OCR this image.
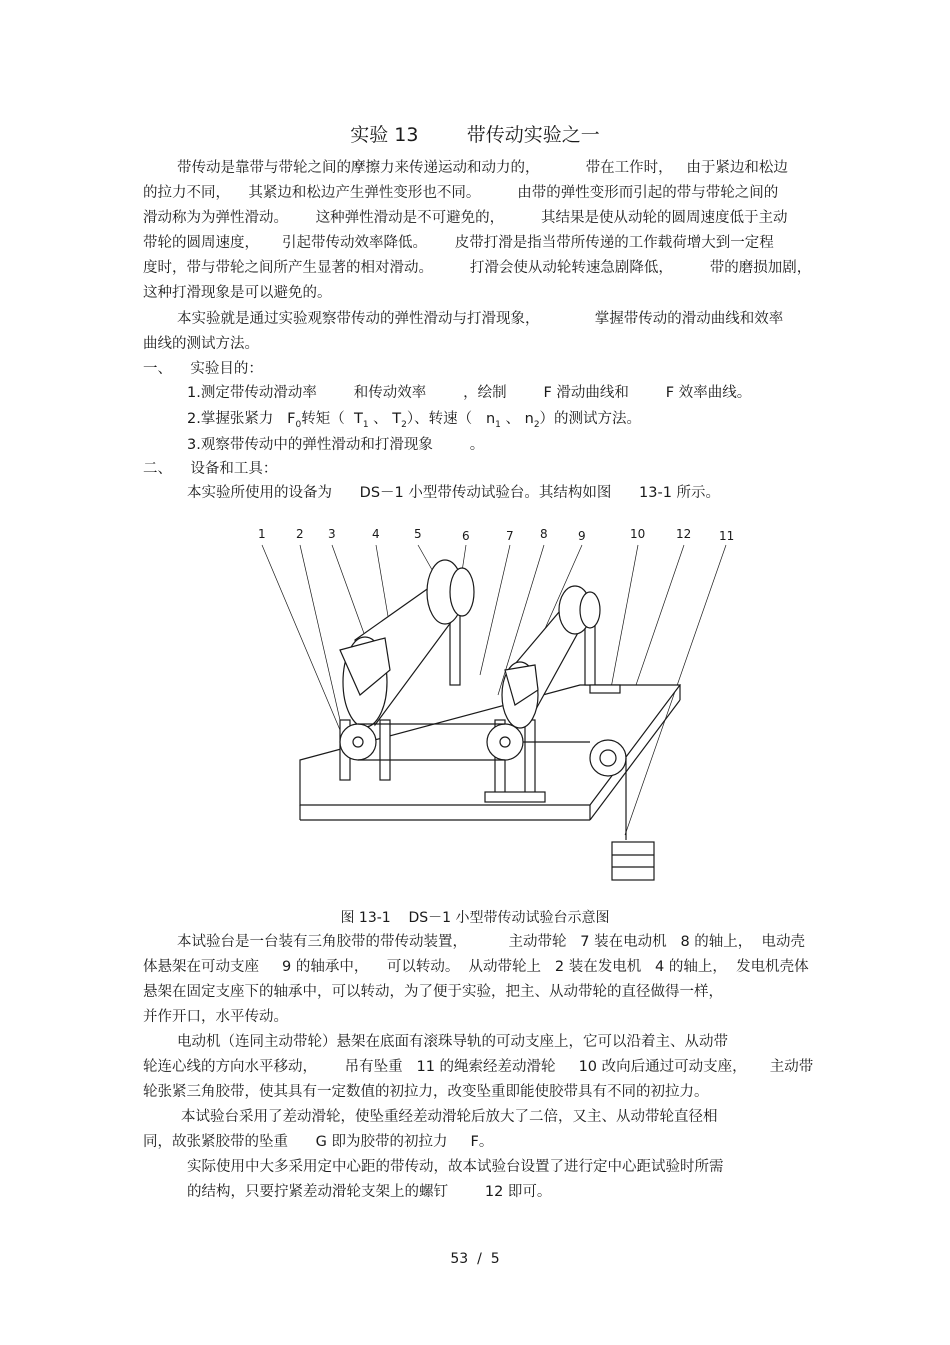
实验 13        带传动实验之一
带传动是靠带与带轮之间的摩擦力来传递运动和动力的，          带在工作时，   由于紧边和松边
的拉力不同，    其紧边和松边产生弹性变形也不同。        由带的弹性变形而引起的带与带轮之间的
滑动称为为弹性滑动。      这种弹性滑动是不可避免的，        其结果是使从动轮的圆周速度低于主动
带轮的圆周速度，     引起带传动效率降低。      皮带打滑是指当带所传递的工作载荷增大到一定程
度时，带与带轮之间所产生显著的相对滑动。        打滑会使从动轮转速急剧降低，        带的磨损加剧，
这种打滑现象是可以避免的。
本实验就是通过实验观察带传动的弹性滑动与打滑现象，            掌握带传动的滑动曲线和效率
曲线的测试方法。
一、    实验目的：
1.测定带传动滑动率        和传动效率        ，绘制        F 滑动曲线和        F 效率曲线。
2.掌握张紧力   $F_0$转矩（  $T_1$ 、 $T_2$）、转速（   $n_1$ 、 $n_2$）的测试方法。
3.观察带传动中的弹性滑动和打滑现象        。
二、    设备和工具：
本实验所使用的设备为      DS－1 小型带传动试验台。其结构如图      13-1 所示。
1	2 3	4	5	6	7 8	9	10	12 11
图 13-1    DS－1 小型带传动试验台示意图
本试验台是一台装有三角胶带的带传动装置，         主动带轮   7 装在电动机   8 的轴上，  电动壳
体悬架在可动支座     9 的轴承中，    可以转动。  从动带轮上   2 装在发电机   4 的轴上，  发电机壳体
悬架在固定支座下的轴承中，可以转动，为了便于实验，把主、从动带轮的直径做得一样，
并作开口，水平传动。
电动机（连同主动带轮）悬架在底面有滚珠导轨的可动支座上，它可以沿着主、从动带
轮连心线的方向水平移动，      吊有坠重   11 的绳索经差动滑轮     10 改向后通过可动支座，     主动带
轮张紧三角胶带，使其具有一定数值的初拉力，改变坠重即能使胶带具有不同的初拉力。
本试验台采用了差动滑轮，使坠重经差动滑轮后放大了二倍，又主、从动带轮直径相
同，故张紧胶带的坠重      G 即为胶带的初拉力     F。
实际使用中大多采用定中心距的带传动，故本试验台设置了进行定中心距试验时所需
的结构，只要拧紧差动滑轮支架上的螺钉        12 即可。
53  /  5
